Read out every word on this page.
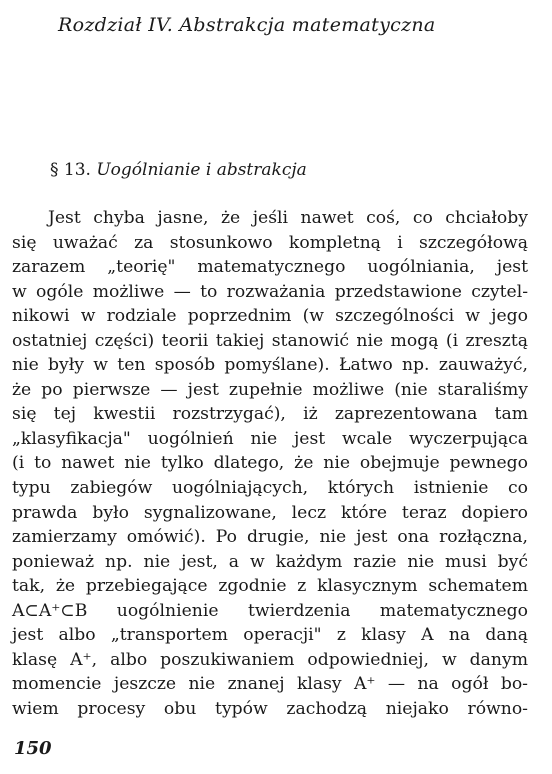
Rozdział IV. Abstrakcja matematyczna
§ 13. Uogólnianie i abstrakcja
Jest chyba jasne, że jeśli nawet coś, co chciałoby
się uważać za stosunkowo kompletną i szczegółową
zarazem „teorię" matematycznego uogólniania, jest
w ogóle możliwe — to rozważania przedstawione czytel-
nikowi w rodziale poprzednim (w szczególności w jego
ostatniej części) teorii takiej stanowić nie mogą (i zresztą
nie były w ten sposób pomyślane). Łatwo np. zauważyć,
że po pierwsze — jest zupełnie możliwe (nie staraliśmy
się tej kwestii rozstrzygać), iż zaprezentowana tam
„klasyfikacja" uogólnień nie jest wcale wyczerpująca
(i to nawet nie tylko dlatego, że nie obejmuje pewnego
typu zabiegów uogólniających, których istnienie co
prawda było sygnalizowane, lecz które teraz dopiero
zamierzamy omówić). Po drugie, nie jest ona rozłączna,
ponieważ np. nie jest, a w każdym razie nie musi być
tak, że przebiegające zgodnie z klasycznym schematem
A⊂A⁺⊂B uogólnienie twierdzenia matematycznego
jest albo „transportem operacji" z klasy A na daną
klasę A⁺, albo poszukiwaniem odpowiedniej, w danym
momencie jeszcze nie znanej klasy A⁺ — na ogół bo-
wiem procesy obu typów zachodzą niejako równo-
150
